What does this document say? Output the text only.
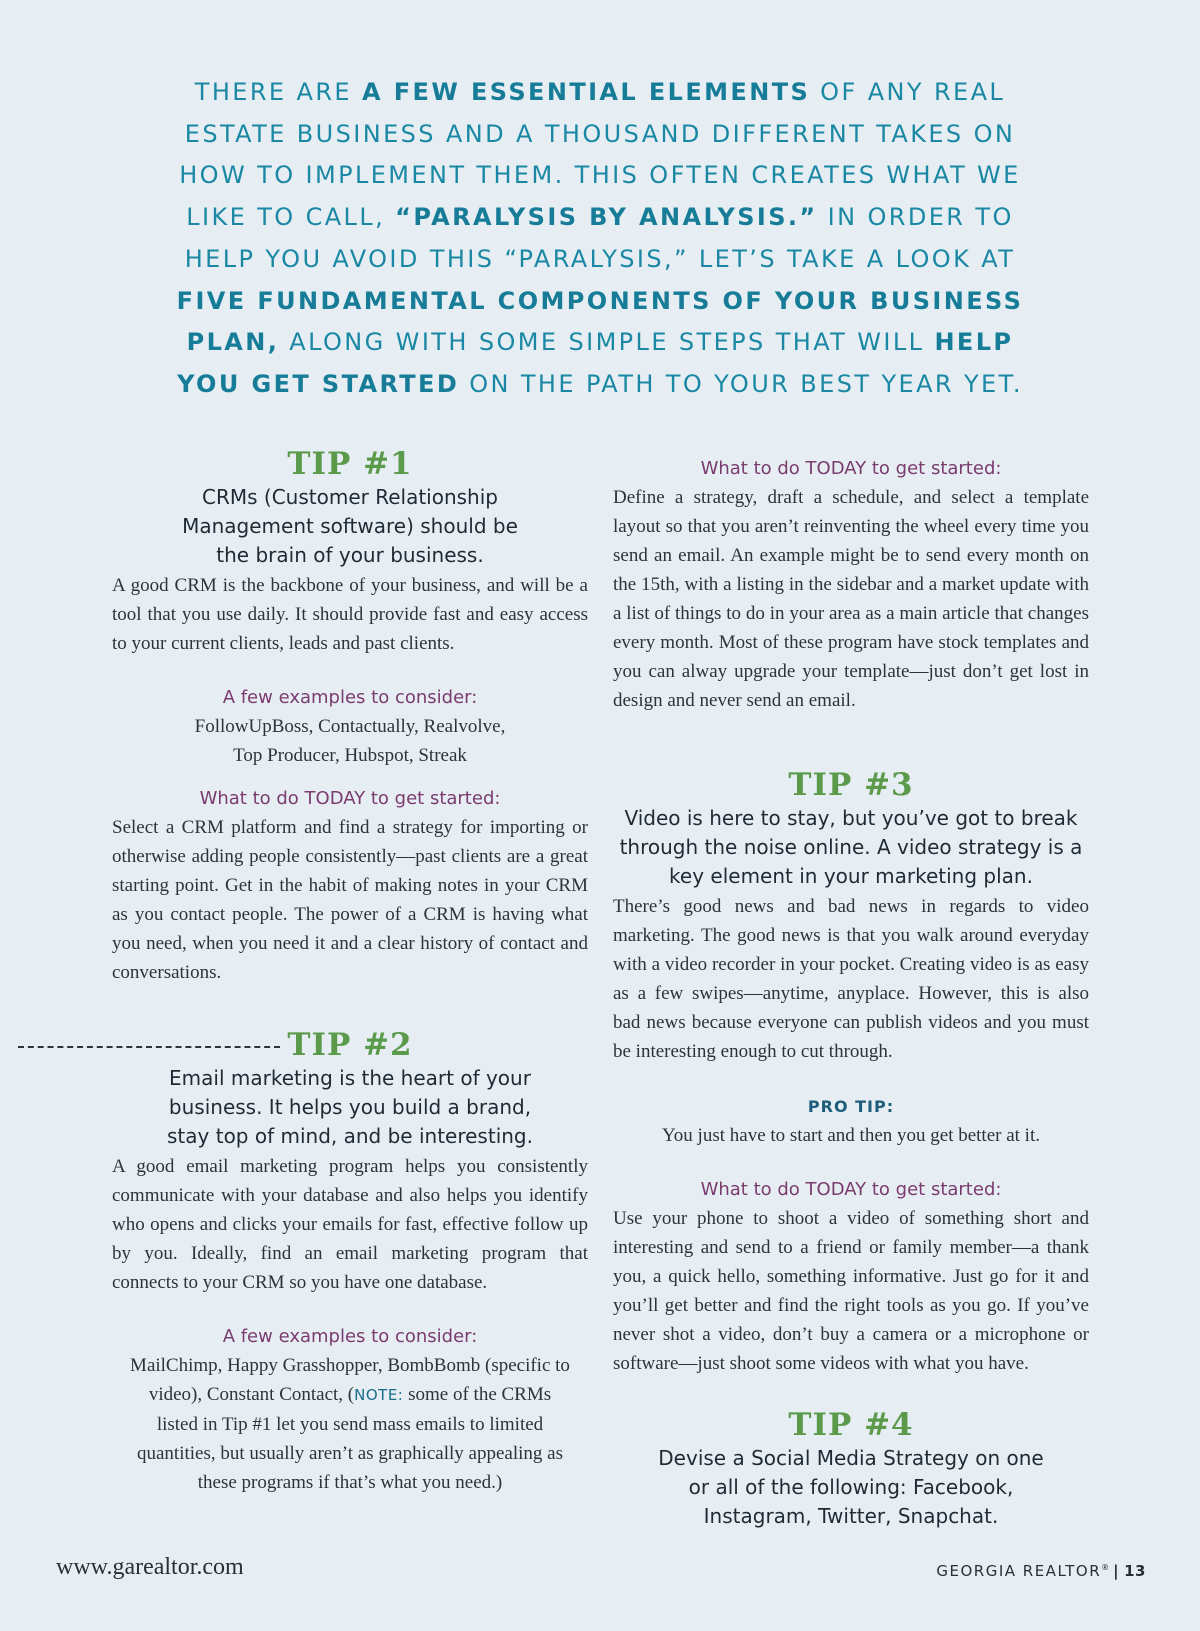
THERE ARE A FEW ESSENTIAL ELEMENTS OF ANY REAL ESTATE BUSINESS AND A THOUSAND DIFFERENT TAKES ON HOW TO IMPLEMENT THEM. THIS OFTEN CREATES WHAT WE LIKE TO CALL, “PARALYSIS BY ANALYSIS.” IN ORDER TO HELP YOU AVOID THIS “PARALYSIS,” LET’S TAKE A LOOK AT FIVE FUNDAMENTAL COMPONENTS OF YOUR BUSINESS PLAN, ALONG WITH SOME SIMPLE STEPS THAT WILL HELP YOU GET STARTED ON THE PATH TO YOUR BEST YEAR YET.

TIP #1

CRMs (Customer Relationship Management software) should be the brain of your business.

A good CRM is the backbone of your business, and will be a tool that you use daily. It should provide fast and easy access to your current clients, leads and past clients.

A few examples to consider:

FollowUpBoss, Contactually, Realvolve,

Top Producer, Hubspot, Streak

What to do TODAY to get started:

Select a CRM platform and find a strategy for importing or otherwise adding people consistently—past clients are a great starting point. Get in the habit of making notes in your CRM as you contact people. The power of a CRM is having what you need, when you need it and a clear history of contact and conversations.

TIP #2

Email marketing is the heart of your business. It helps you build a brand, stay top of mind, and be interesting.

A good email marketing program helps you consistently communicate with your database and also helps you identify who opens and clicks your emails for fast, effective follow up by you. Ideally, find an email marketing program that connects to your CRM so you have one database.

A few examples to consider:

MailChimp, Happy Grasshopper, BombBomb (specific to video), Constant Contact, (NOTE: some of the CRMs listed in Tip #1 let you send mass emails to limited quantities, but usually aren’t as graphically appealing as these programs if that’s what you need.)

What to do TODAY to get started:

Define a strategy, draft a schedule, and select a template layout so that you aren’t reinventing the wheel every time you send an email. An example might be to send every month on the 15th, with a listing in the sidebar and a market update with a list of things to do in your area as a main article that changes every month. Most of these program have stock templates and you can alway upgrade your template—just don’t get lost in design and never send an email.

TIP #3

Video is here to stay, but you’ve got to break through the noise online. A video strategy is a key element in your marketing plan.

There’s good news and bad news in regards to video marketing. The good news is that you walk around everyday with a video recorder in your pocket. Creating video is as easy as a few swipes—anytime, anyplace. However, this is also bad news because everyone can publish videos and you must be interesting enough to cut through.

PRO TIP:

You just have to start and then you get better at it.

What to do TODAY to get started:

Use your phone to shoot a video of something short and interesting and send to a friend or family member—a thank you, a quick hello, something informative. Just go for it and you’ll get better and find the right tools as you go. If you’ve never shot a video, don’t buy a camera or a microphone or software—just shoot some videos with what you have.

TIP #4

Devise a Social Media Strategy on one or all of the following: Facebook, Instagram, Twitter, Snapchat.

www.garealtor.com	GEORGIA REALTOR® | 13
